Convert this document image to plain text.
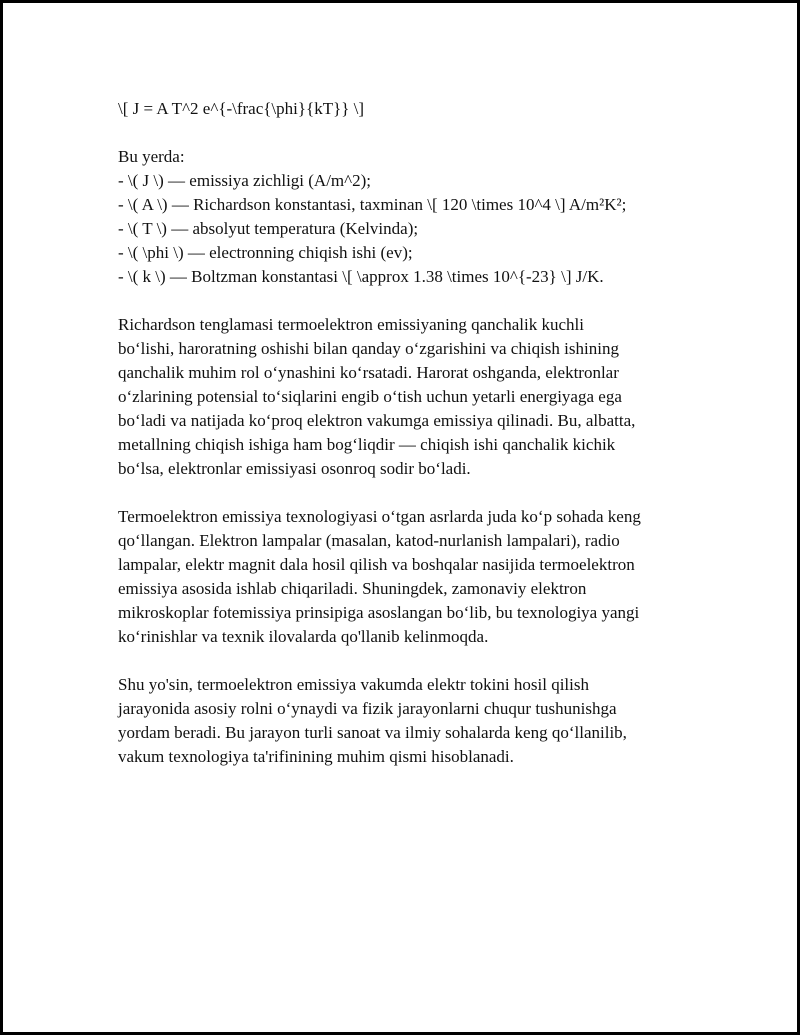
\[ J = A T^2 e^{-\frac{\phi}{kT}} \]
Bu yerda:
- \( J \) — emissiya zichligi (A/m^2);
- \( A \) — Richardson konstantasi, taxminan \[ 120 \times 10^4 \] A/m²K²;
- \( T \) — absolyut temperatura (Kelvinda);
- \( \phi \) — electronning chiqish ishi (ev);
- \( k \) — Boltzman konstantasi \[ \approx 1.38 \times 10^{-23} \] J/K.
Richardson tenglamasi termoelektron emissiyaning qanchalik kuchli
bo‘lishi, haroratning oshishi bilan qanday o‘zgarishini va chiqish ishining
qanchalik muhim rol o‘ynashini ko‘rsatadi. Harorat oshganda, elektronlar
o‘zlarining potensial to‘siqlarini engib o‘tish uchun yetarli energiyaga ega
bo‘ladi va natijada ko‘proq elektron vakumga emissiya qilinadi. Bu, albatta,
metallning chiqish ishiga ham bog‘liqdir — chiqish ishi qanchalik kichik
bo‘lsa, elektronlar emissiyasi osonroq sodir bo‘ladi.
Termoelektron emissiya texnologiyasi o‘tgan asrlarda juda ko‘p sohada keng
qo‘llangan. Elektron lampalar (masalan, katod-nurlanish lampalari), radio
lampalar, elektr magnit dala hosil qilish va boshqalar nasijida termoelektron
emissiya asosida ishlab chiqariladi. Shuningdek, zamonaviy elektron
mikroskoplar fotemissiya prinsipiga asoslangan bo‘lib, bu texnologiya yangi
ko‘rinishlar va texnik ilovalarda qo'llanib kelinmoqda.
Shu yo'sin, termoelektron emissiya vakumda elektr tokini hosil qilish
jarayonida asosiy rolni o‘ynaydi va fizik jarayonlarni chuqur tushunishga
yordam beradi. Bu jarayon turli sanoat va ilmiy sohalarda keng qo‘llanilib,
vakum texnologiya ta'rifinining muhim qismi hisoblanadi.
